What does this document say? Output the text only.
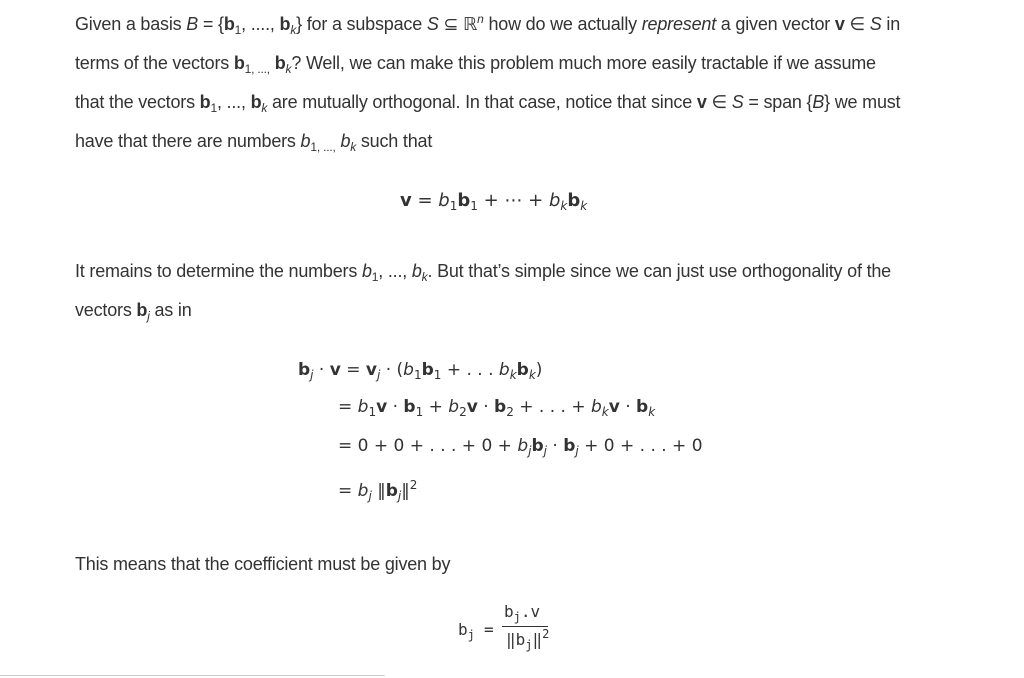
Given a basis $B = \{b_1$, ...., $b_k$} for a subspace S ⊆ ℝ$^n$ how do we actually represent a given vector v ∈ S in
terms of the vectors $b_{1, ...,}$ $b_k$? Well, we can make this problem much more easily tractable if we assume
that the vectors $b_1$, ..., $b_k$ are mutually orthogonal. In that case, notice that since v ∈ S = span {B} we must
have that there are numbers $b_{1, ...,}$ $b_k$ such that
$v = b_1b_1$ + ⋯ + $b_kb_k$
It remains to determine the numbers $b_1$, ..., $b_k$. But that’s simple since we can just use orthogonality of the
vectors $b_j$ as in
$b_j \cdot v = v_j \cdot (b_1b_1$ + . . . $b_kb_k$)
= $b_1v \cdot b_1 + b_2v \cdot b_2$ + . . . + $b_kv \cdot b_k$
= 0 + 0 + . . . + $0 + b_jb_j \cdot b_j + 0$ + . . . + 0
= $b_j$ $‖b_j‖^2$
This means that the coefficient must be given by
$b_j$ =
$b_j.v$
$‖b_j‖^2$
